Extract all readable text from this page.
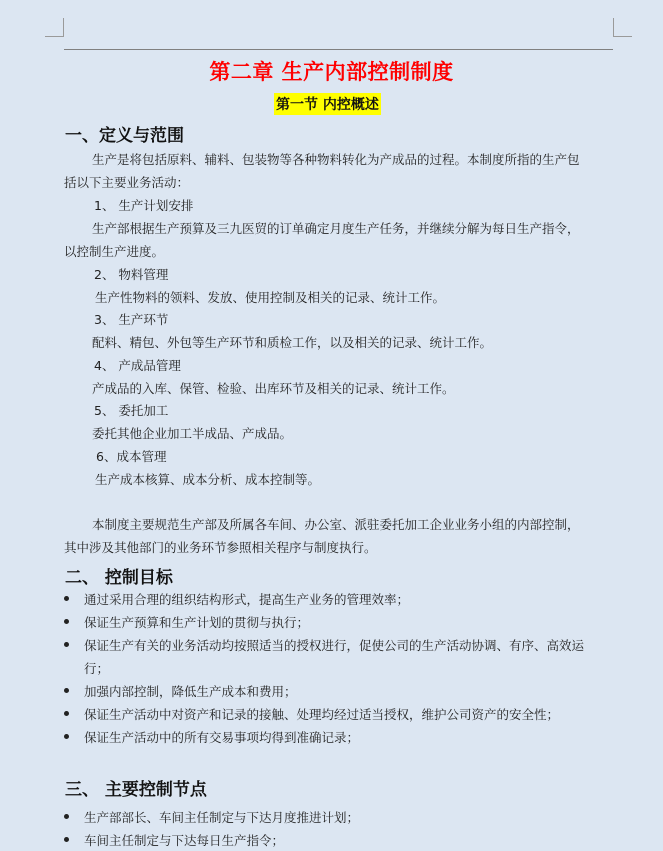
第二章 生产内部控制制度
第一节 内控概述
一、定义与范围
生产是将包括原料、辅料、包装物等各种物料转化为产成品的过程。本制度所指的生产包
括以下主要业务活动：
1、 生产计划安排
生产部根据生产预算及三九医贸的订单确定月度生产任务，并继续分解为每日生产指令，
以控制生产进度。
2、 物料管理
生产性物料的领料、发放、使用控制及相关的记录、统计工作。
3、 生产环节
配料、精包、外包等生产环节和质检工作，以及相关的记录、统计工作。
4、 产成品管理
产成品的入库、保管、检验、出库环节及相关的记录、统计工作。
5、 委托加工
委托其他企业加工半成品、产成品。
6、成本管理
生产成本核算、成本分析、成本控制等。
本制度主要规范生产部及所属各车间、办公室、派驻委托加工企业业务小组的内部控制，
其中涉及其他部门的业务环节参照相关程序与制度执行。
二、 控制目标
通过采用合理的组织结构形式，提高生产业务的管理效率；
保证生产预算和生产计划的贯彻与执行；
保证生产有关的业务活动均按照适当的授权进行，促使公司的生产活动协调、有序、高效运
行；
加强内部控制，降低生产成本和费用；
保证生产活动中对资产和记录的接触、处理均经过适当授权，维护公司资产的安全性；
保证生产活动中的所有交易事项均得到准确记录；
三、 主要控制节点
生产部部长、车间主任制定与下达月度推进计划；
车间主任制定与下达每日生产指令；
